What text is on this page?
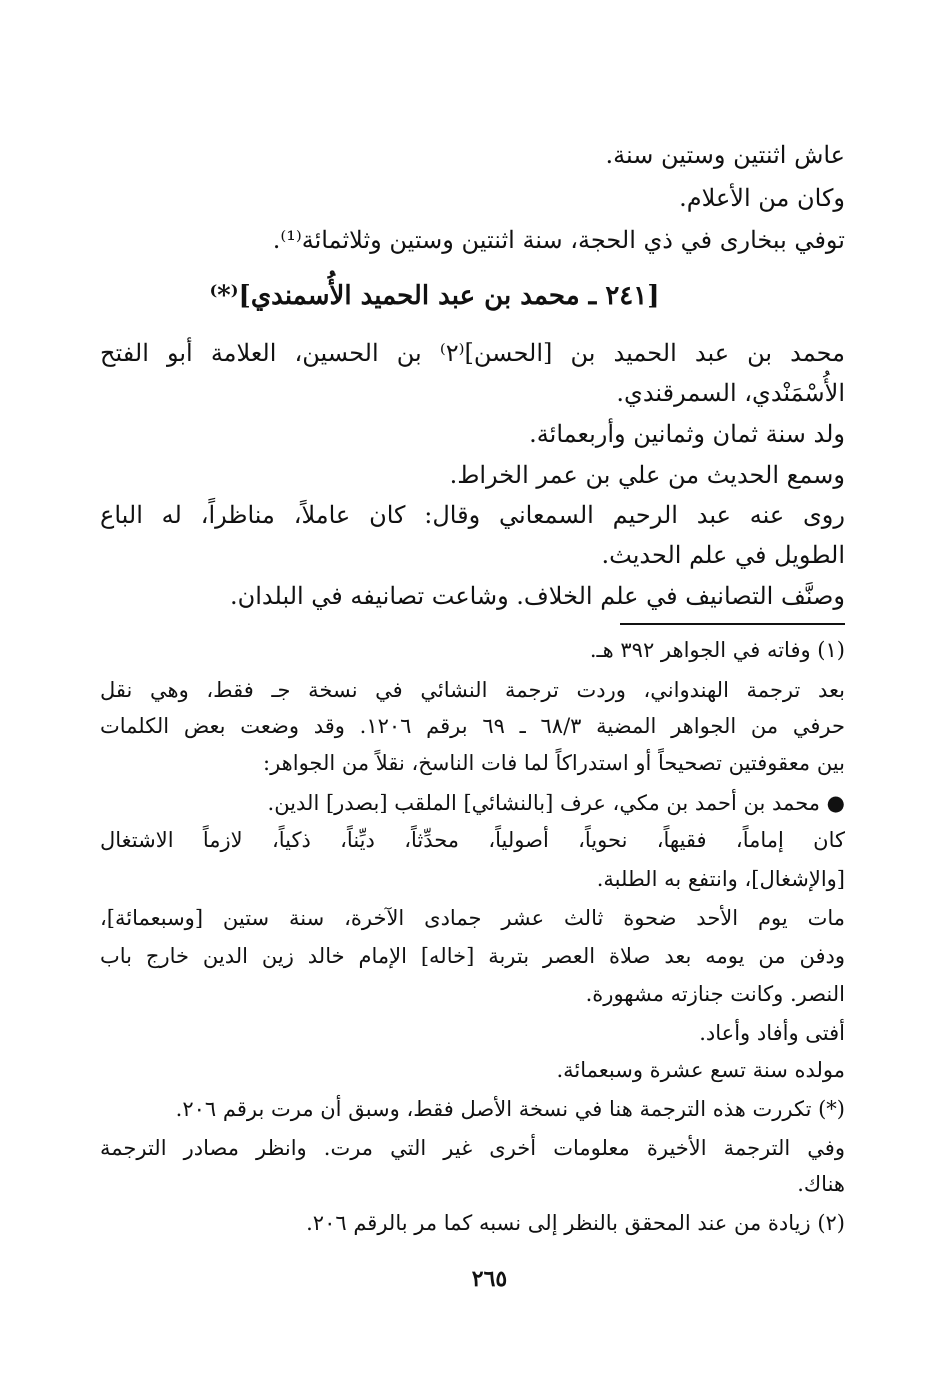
عاش اثنتين وستين سنة.
وكان من الأعلام.
توفي ببخارى في ذي الحجة، سنة اثنتين وستين وثلاثمائة⁽¹⁾.
[٢٤١ ـ محمد بن عبد الحميد الأُسمندي]⁽*⁾
محمد بن عبد الحميد بن [الحسن]⁽٢⁾ بن الحسين، العلامة أبو الفتح
الأُسْمَنْدي، السمرقندي.
ولد سنة ثمان وثمانين وأربعمائة.
وسمع الحديث من علي بن عمر الخراط.
روى عنه عبد الرحيم السمعاني وقال: كان عاملاً، مناظراً، له الباع
الطويل في علم الحديث.
وصنَّف التصانيف في علم الخلاف. وشاعت تصانيفه في البلدان.
(١) وفاته في الجواهر ٣٩٢ هـ.
بعد ترجمة الهندواني، وردت ترجمة النشائي في نسخة جـ فقط، وهي نقل
حرفي من الجواهر المضية ٦٨/٣ ـ ٦٩ برقم ١٢٠٦. وقد وضعت بعض الكلمات
بين معقوفتين تصحيحاً أو استدراكاً لما فات الناسخ، نقلاً من الجواهر:
● محمد بن أحمد بن مكي، عرف [بالنشائي] الملقب [بصدر] الدين.
كان إماماً، فقيهاً، نحوياً، أصولياً، محدِّثاً، ديِّناً، ذكياً، لازماً الاشتغال
[والإشغال]، وانتفع به الطلبة.
مات يوم الأحد ضحوة ثالث عشر جمادى الآخرة، سنة ستين [وسبعمائة]،
ودفن من يومه بعد صلاة العصر بتربة [خاله] الإمام خالد زين الدين خارج باب
النصر. وكانت جنازته مشهورة.
أفتى وأفاد وأعاد.
مولده سنة تسع عشرة وسبعمائة.
(*) تكررت هذه الترجمة هنا في نسخة الأصل فقط، وسبق أن مرت برقم ٢٠٦.
وفي الترجمة الأخيرة معلومات أخرى غير التي مرت. وانظر مصادر الترجمة
هناك.
(٢) زيادة من عند المحقق بالنظر إلى نسبه كما مر بالرقم ٢٠٦.
٢٦٥
